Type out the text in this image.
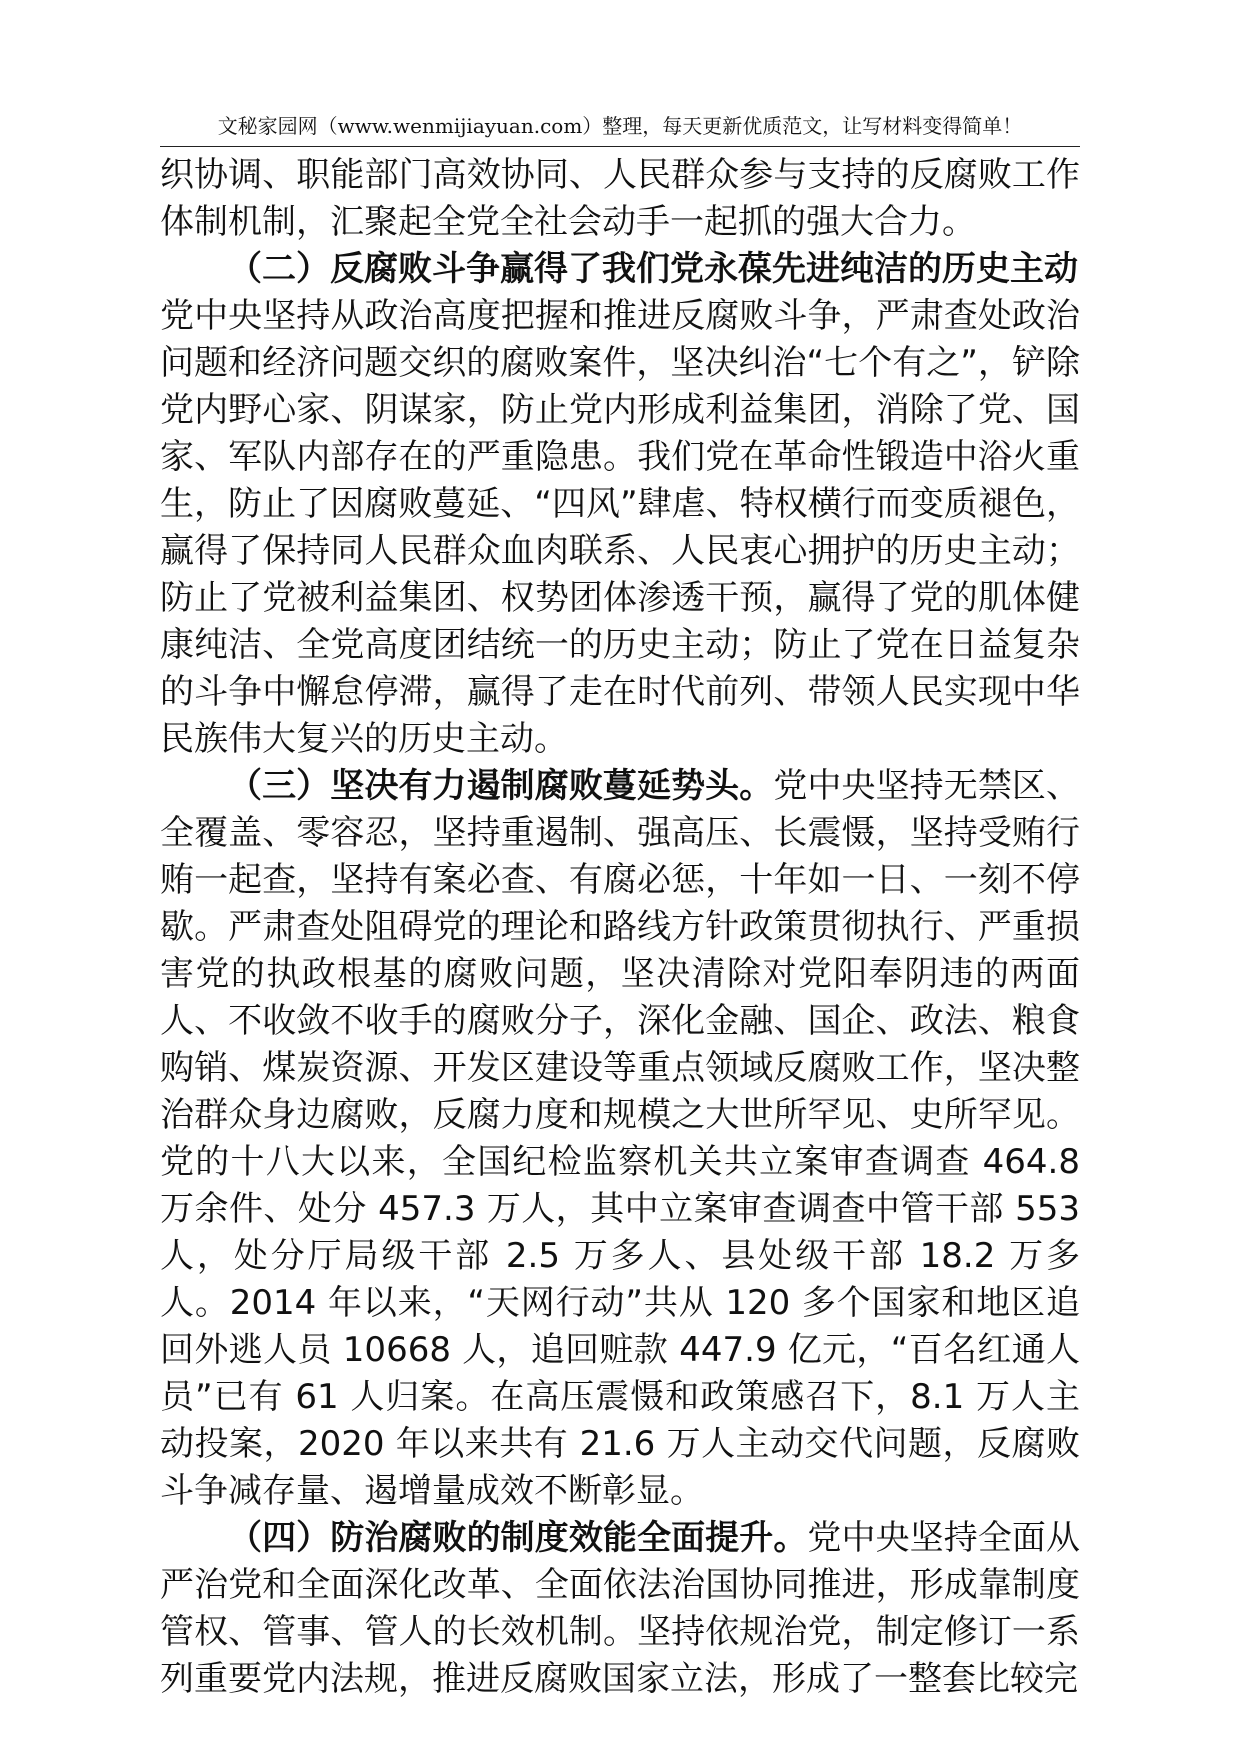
文秘家园网（www.wenmijiayuan.com）整理，每天更新优质范文，让写材料变得简单！

织协调、职能部门高效协同、人民群众参与支持的反腐败工作体制机制，汇聚起全党全社会动手一起抓的强大合力。

（二）反腐败斗争赢得了我们党永葆先进纯洁的历史主动
党中央坚持从政治高度把握和推进反腐败斗争，严肃查处政治问题和经济问题交织的腐败案件，坚决纠治“七个有之”，铲除党内野心家、阴谋家，防止党内形成利益集团，消除了党、国家、军队内部存在的严重隐患。我们党在革命性锻造中浴火重生，防止了因腐败蔓延、“四风”肆虐、特权横行而变质褪色，赢得了保持同人民群众血肉联系、人民衷心拥护的历史主动；防止了党被利益集团、权势团体渗透干预，赢得了党的肌体健康纯洁、全党高度团结统一的历史主动；防止了党在日益复杂的斗争中懈怠停滞，赢得了走在时代前列、带领人民实现中华民族伟大复兴的历史主动。

（三）坚决有力遏制腐败蔓延势头。党中央坚持无禁区、全覆盖、零容忍，坚持重遏制、强高压、长震慑，坚持受贿行贿一起查，坚持有案必查、有腐必惩，十年如一日、一刻不停歇。严肃查处阻碍党的理论和路线方针政策贯彻执行、严重损害党的执政根基的腐败问题，坚决清除对党阳奉阴违的两面人、不收敛不收手的腐败分子，深化金融、国企、政法、粮食购销、煤炭资源、开发区建设等重点领域反腐败工作，坚决整治群众身边腐败，反腐力度和规模之大世所罕见、史所罕见。党的十八大以来，全国纪检监察机关共立案审查调查 464.8 万余件、处分 457.3 万人，其中立案审查调查中管干部 553 人，处分厅局级干部 2.5 万多人、县处级干部 18.2 万多人。2014 年以来，“天网行动”共从 120 多个国家和地区追回外逃人员 10668 人，追回赃款 447.9 亿元，“百名红通人员”已有 61 人归案。在高压震慑和政策感召下，8.1 万人主动投案，2020 年以来共有 21.6 万人主动交代问题，反腐败斗争减存量、遏增量成效不断彰显。

（四）防治腐败的制度效能全面提升。党中央坚持全面从严治党和全面深化改革、全面依法治国协同推进，形成靠制度管权、管事、管人的长效机制。坚持依规治党，制定修订一系列重要党内法规，推进反腐败国家立法，形成了一整套比较完
